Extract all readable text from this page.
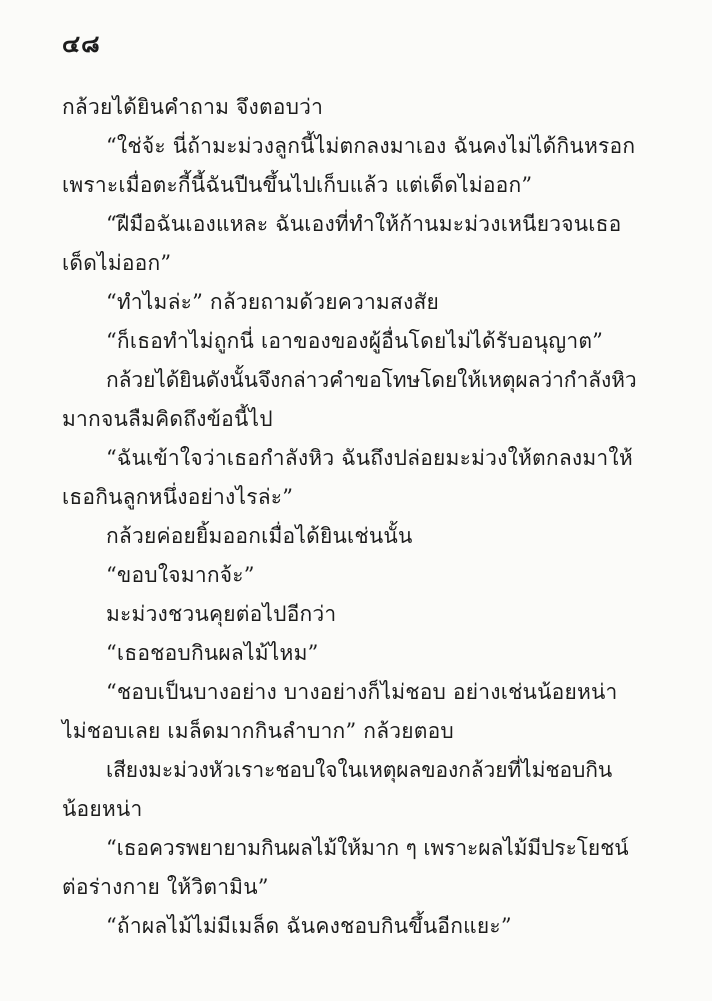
๔๘
กล้วยได้ยินคำถาม จึงตอบว่า
“ใช่จ้ะ นี่ถ้ามะม่วงลูกนี้ไม่ตกลงมาเอง ฉันคงไม่ได้กินหรอก
เพราะเมื่อตะกี้นี้ฉันปีนขึ้นไปเก็บแล้ว แต่เด็ดไม่ออก”
“ฝีมือฉันเองแหละ ฉันเองที่ทำให้ก้านมะม่วงเหนียวจนเธอ
เด็ดไม่ออก”
“ทำไมล่ะ” กล้วยถามด้วยความสงสัย
“ก็เธอทำไม่ถูกนี่ เอาของของผู้อื่นโดยไม่ได้รับอนุญาต”
กล้วยได้ยินดังนั้นจึงกล่าวคำขอโทษโดยให้เหตุผลว่ากำลังหิว
มากจนลืมคิดถึงข้อนี้ไป
“ฉันเข้าใจว่าเธอกำลังหิว ฉันถึงปล่อยมะม่วงให้ตกลงมาให้
เธอกินลูกหนึ่งอย่างไรล่ะ”
กล้วยค่อยยิ้มออกเมื่อได้ยินเช่นนั้น
“ขอบใจมากจ้ะ”
มะม่วงชวนคุยต่อไปอีกว่า
“เธอชอบกินผลไม้ไหม”
“ชอบเป็นบางอย่าง บางอย่างก็ไม่ชอบ อย่างเช่นน้อยหน่า
ไม่ชอบเลย เมล็ดมากกินลำบาก” กล้วยตอบ
เสียงมะม่วงหัวเราะชอบใจในเหตุผลของกล้วยที่ไม่ชอบกิน
น้อยหน่า
“เธอควรพยายามกินผลไม้ให้มาก ๆ เพราะผลไม้มีประโยชน์
ต่อร่างกาย ให้วิตามิน”
“ถ้าผลไม้ไม่มีเมล็ด ฉันคงชอบกินขึ้นอีกแยะ”
